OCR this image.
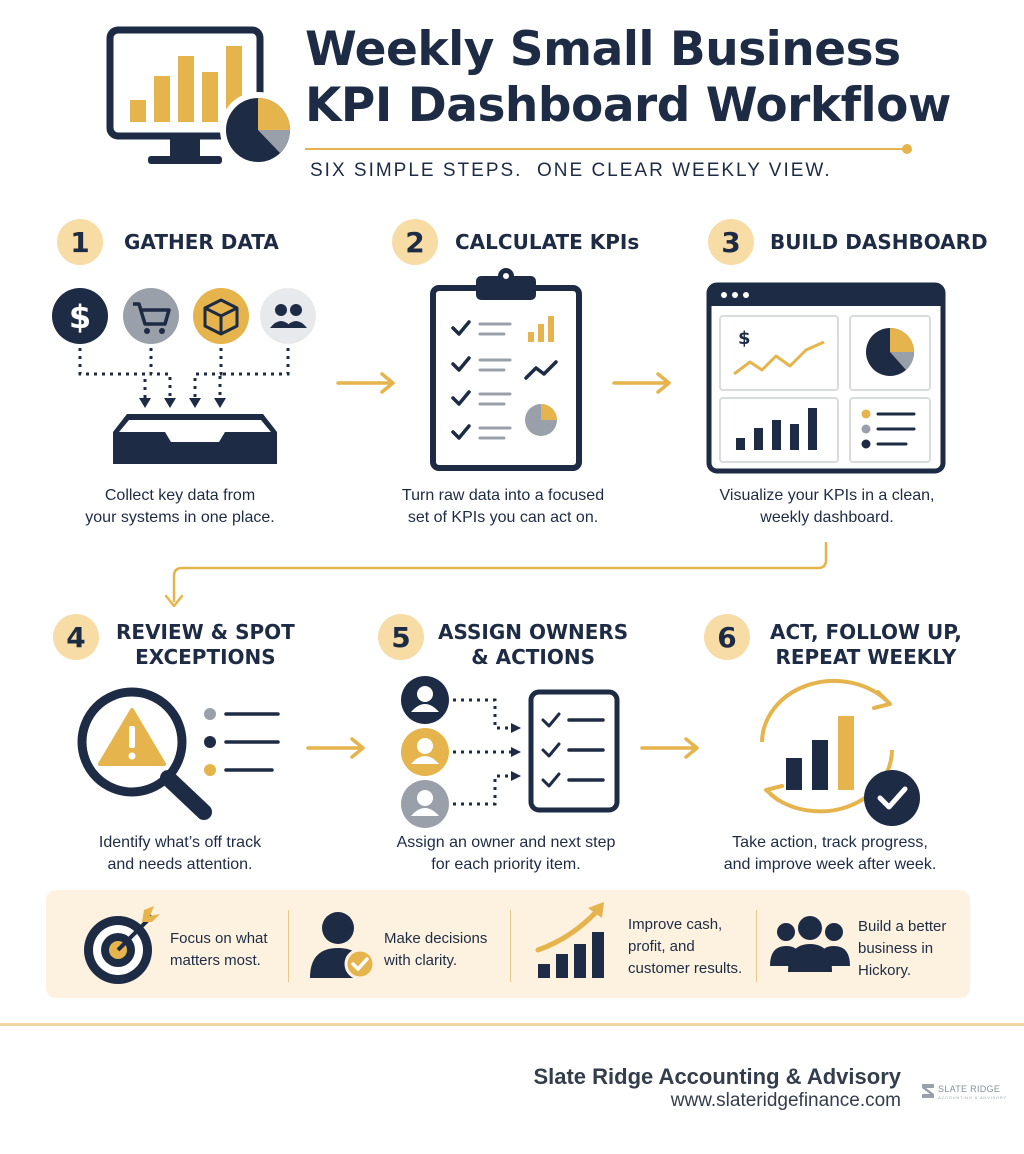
Weekly Small Business
KPI Dashboard Workflow
SIX SIMPLE STEPS.  ONE CLEAR WEEKLY VIEW.
1	GATHER DATA
$
Collect key data from
your systems in one place.
2	CALCULATE KPIs
Turn raw data into a focused
set of KPIs you can act on.
3	BUILD DASHBOARD
$
Visualize your KPIs in a clean,
weekly dashboard.
4	REVIEW & SPOT
EXCEPTIONS
Identify what’s off track
and needs attention.
5	ASSIGN OWNERS
& ACTIONS
Assign an owner and next step
for each priority item.
6	ACT, FOLLOW UP,
REPEAT WEEKLY
Take action, track progress,
and improve week after week.
Focus on what
matters most.
Make decisions
with clarity.
Improve cash,
profit, and
customer results.
Build a better
business in
Hickory.
Slate Ridge Accounting & Advisory
www.slateridgefinance.com
SLATE RIDGE
ACCOUNTING & ADVISORY
